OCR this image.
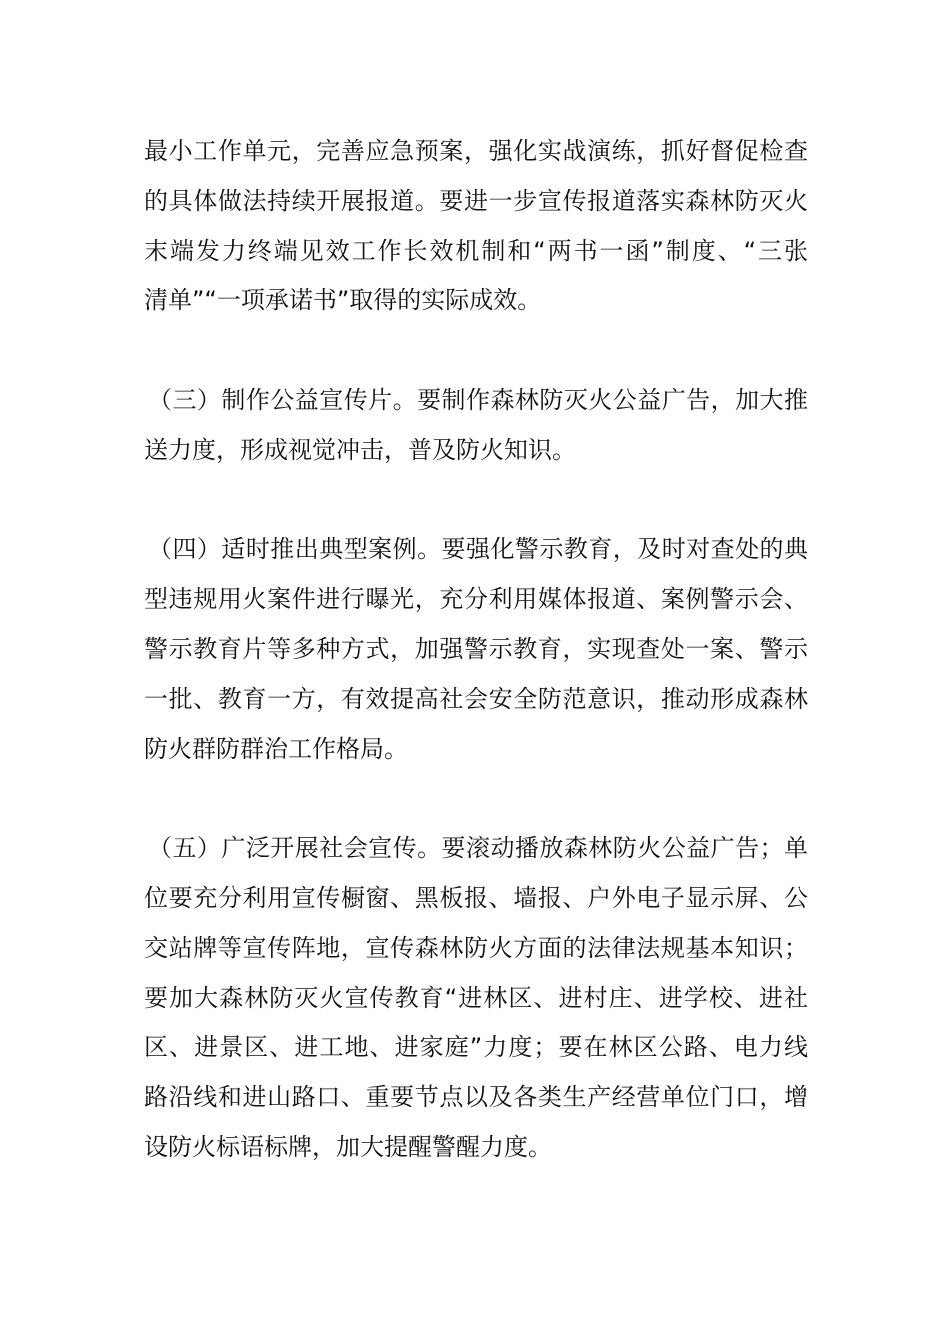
最小工作单元，完善应急预案，强化实战演练，抓好督促检查
的具体做法持续开展报道。要进一步宣传报道落实森林防灭火
末端发力终端见效工作长效机制和“两书一函”制度、“三张
清单”“一项承诺书”取得的实际成效。
（三）制作公益宣传片。要制作森林防灭火公益广告，加大推
送力度，形成视觉冲击，普及防火知识。
（四）适时推出典型案例。要强化警示教育，及时对查处的典
型违规用火案件进行曝光，充分利用媒体报道、案例警示会、
警示教育片等多种方式，加强警示教育，实现查处一案、警示
一批、教育一方，有效提高社会安全防范意识，推动形成森林
防火群防群治工作格局。
（五）广泛开展社会宣传。要滚动播放森林防火公益广告；单
位要充分利用宣传橱窗、黑板报、墙报、户外电子显示屏、公
交站牌等宣传阵地，宣传森林防火方面的法律法规基本知识；
要加大森林防灭火宣传教育“进林区、进村庄、进学校、进社
区、进景区、进工地、进家庭”力度；要在林区公路、电力线
路沿线和进山路口、重要节点以及各类生产经营单位门口，增
设防火标语标牌，加大提醒警醒力度。
